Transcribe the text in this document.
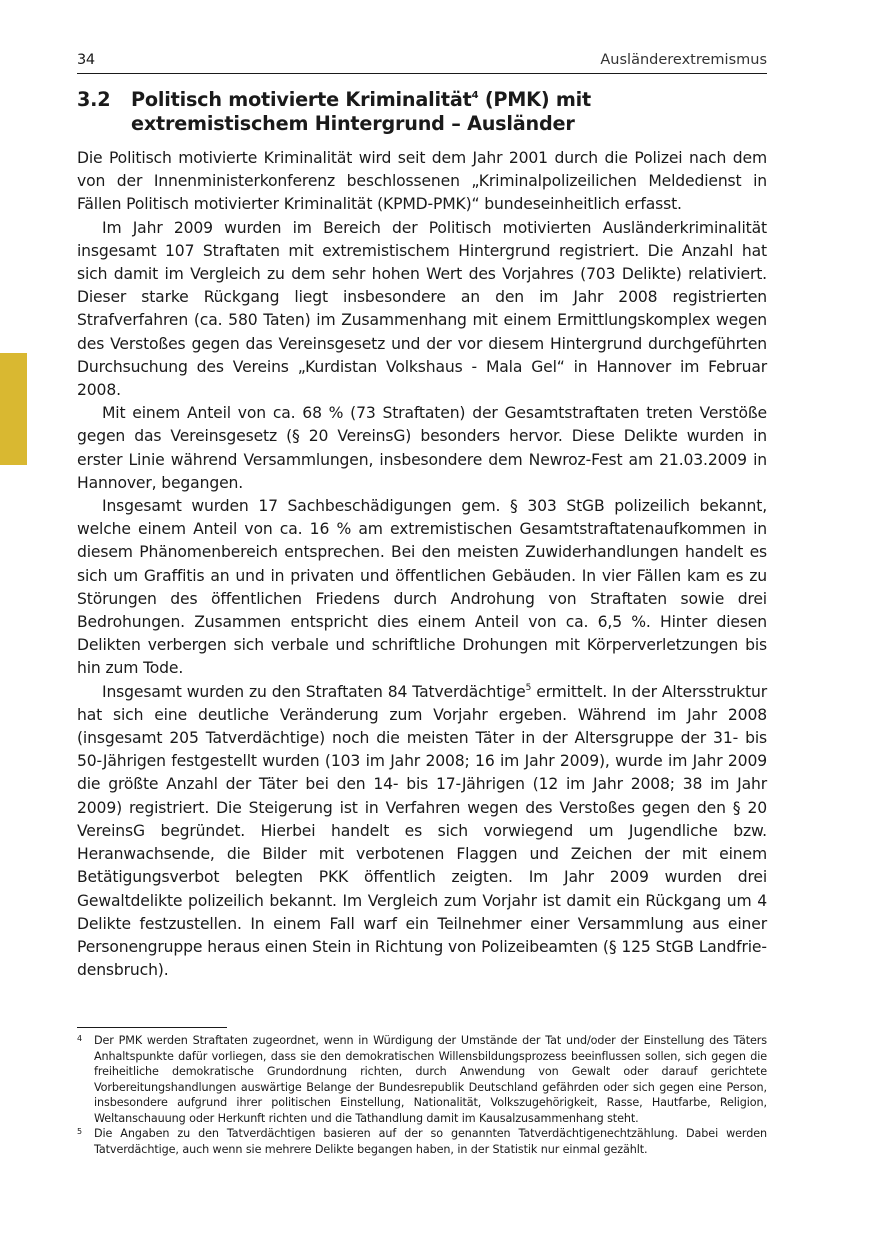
34	Ausländerextremismus
3.2 Politisch motivierte Kriminalität$^4$ (PMK) mit extremistischem Hintergrund – Ausländer

Die Politisch motivierte Kriminalität wird seit dem Jahr 2001 durch die Polizei nach dem von der Innenministerkonferenz beschlossenen „Kriminalpolizeilichen Meldedienst in Fällen Politisch motivierter Kriminalität (KPMD-PMK)“ bundeseinheitlich erfasst.

Im Jahr 2009 wurden im Bereich der Politisch motivierten Ausländerkriminalität insgesamt 107 Straftaten mit extremistischem Hintergrund registriert. Die Anzahl hat sich damit im Vergleich zu dem sehr hohen Wert des Vorjahres (703 Delikte) relativiert. Dieser starke Rückgang liegt insbesondere an den im Jahr 2008 registrierten Strafverfahren (ca. 580 Taten) im Zusammenhang mit einem Ermittlungskomplex wegen des Verstoßes gegen das Vereinsgesetz und der vor diesem Hintergrund durchgeführten Durchsuchung des Vereins „Kurdistan Volkshaus - Mala Gel“ in Hannover im Februar 2008.

Mit einem Anteil von ca. 68 % (73 Straftaten) der Gesamtstraftaten treten Verstöße gegen das Vereinsgesetz (§ 20 VereinsG) besonders hervor. Diese Delikte wurden in erster Linie während Versammlungen, insbesondere dem Newroz-Fest am 21.03.2009 in Hannover, begangen.

Insgesamt wurden 17 Sachbeschädigungen gem. § 303 StGB polizeilich bekannt, welche einem Anteil von ca. 16 % am extremistischen Gesamtstraftatenaufkommen in diesem Phänomenbereich entsprechen. Bei den meisten Zuwiderhandlungen handelt es sich um Graffitis an und in privaten und öffentlichen Gebäuden. In vier Fällen kam es zu Störungen des öffentlichen Friedens durch Androhung von Straftaten sowie drei Bedrohungen. Zusammen entspricht dies einem Anteil von ca. 6,5 %. Hinter diesen Delikten verbergen sich verbale und schriftliche Drohungen mit Körperverletzungen bis hin zum Tode.

Insgesamt wurden zu den Straftaten 84 Tatverdächtige$^5$ ermittelt. In der Altersstruktur hat sich eine deutliche Veränderung zum Vorjahr ergeben. Während im Jahr 2008 (insgesamt 205 Tatverdächtige) noch die meisten Täter in der Altersgruppe der 31- bis 50-Jährigen festgestellt wurden (103 im Jahr 2008; 16 im Jahr 2009), wurde im Jahr 2009 die größte Anzahl der Täter bei den 14- bis 17-Jährigen (12 im Jahr 2008; 38 im Jahr 2009) registriert. Die Steigerung ist in Verfahren wegen des Verstoßes gegen den § 20 VereinsG begründet. Hierbei handelt es sich vorwiegend um Jugendliche bzw. Heranwachsende, die Bilder mit verbotenen Flaggen und Zeichen der mit einem Betätigungsverbot belegten PKK öffentlich zeigten. Im Jahr 2009 wurden drei Gewaltdelikte polizeilich bekannt. Im Vergleich zum Vorjahr ist damit ein Rückgang um 4 Delikte festzustellen. In einem Fall warf ein Teilnehmer einer Versammlung aus einer Personengruppe heraus einen Stein in Richtung von Polizeibeamten (§ 125 StGB Landfriedensbruch).

4 Der PMK werden Straftaten zugeordnet, wenn in Würdigung der Umstände der Tat und/oder der Einstellung des Täters Anhaltspunkte dafür vorliegen, dass sie den demokratischen Willensbildungsprozess beeinflussen sollen, sich gegen die freiheitliche demokratische Grundordnung richten, durch Anwendung von Gewalt oder darauf gerichtete Vorbereitungshandlungen auswärtige Belange der Bundesrepublik Deutschland gefährden oder sich gegen eine Person, insbesondere aufgrund ihrer politischen Einstellung, Nationalität, Volkszugehörigkeit, Rasse, Hautfarbe, Religion, Weltanschauung oder Herkunft richten und die Tathandlung damit im Kausalzusammenhang steht.
5 Die Angaben zu den Tatverdächtigen basieren auf der so genannten Tatverdächtigenechtzählung. Dabei werden Tatverdächtige, auch wenn sie mehrere Delikte begangen haben, in der Statistik nur einmal gezählt.
